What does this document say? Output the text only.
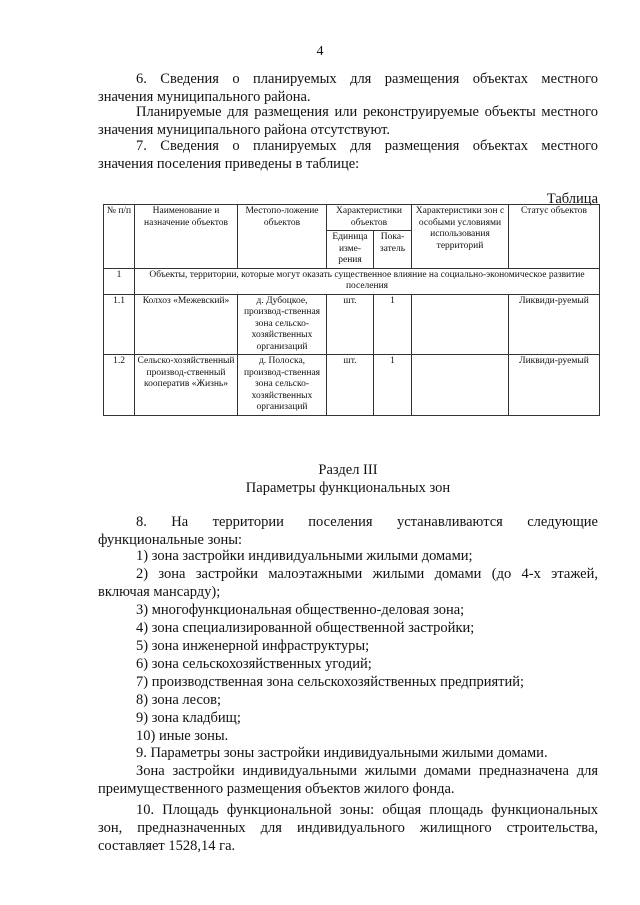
4
6. Сведения о планируемых для размещения объектах местного
значения муниципального района.
Планируемые для размещения или реконструируемые объекты местного
значения муниципального района отсутствуют.
7. Сведения о планируемых для размещения объектах местного
значения поселения приведены в таблице:
Таблица
№ п/п	Наименование и назначение объектов	Местопо-ложение объектов	Характеристики объектов		Характеристики зон с особыми условиями использования территорий	Статус объектов
			Единица изме-рения	Пока-затель		
1	Объекты, территории, которые могут оказать существенное влияние на социально-экономическое развитие поселения					
1.1	Колхоз «Межевский»	д. Дубоцкое, производ-ственная зона сельско-хозяйственных организаций	шт.	1		Ликвиди-руемый
1.2	Сельско-хозяйственный производ-ственный кооператив «Жизнь»	д. Полоска, производ-ственная зона сельско-хозяйственных организаций	шт.	1		Ликвиди-руемый
Раздел III
Параметры функциональных зон
8. На территории поселения устанавливаются следующие
функциональные зоны:
1) зона застройки индивидуальными жилыми домами;
2) зона застройки малоэтажными жилыми домами (до 4-х этажей,
включая мансарду);
3) многофункциональная общественно-деловая зона;
4) зона специализированной общественной застройки;
5) зона инженерной инфраструктуры;
6) зона сельскохозяйственных угодий;
7) производственная зона сельскохозяйственных предприятий;
8) зона лесов;
9) зона кладбищ;
10) иные зоны.
9. Параметры зоны застройки индивидуальными жилыми домами.
Зона застройки индивидуальными жилыми домами предназначена для
преимущественного размещения объектов жилого фонда.
10. Площадь функциональной зоны: общая площадь функциональных
зон, предназначенных для индивидуального жилищного строительства,
составляет 1528,14 га.
